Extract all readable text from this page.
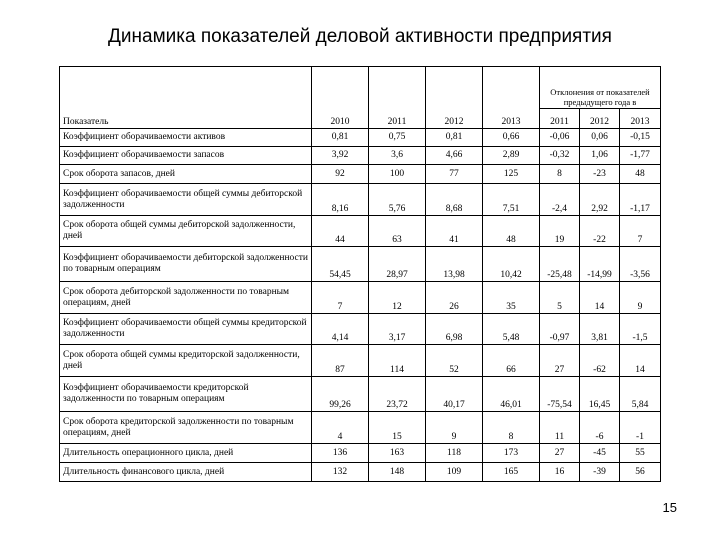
Динамика показателей деловой активности предприятия
Показатель	2010	2011	2012	2013	Отклонения от показателей предыдущего года в		
					2011	2012	2013
Коэффициент оборачиваемости активов	0,81	0,75	0,81	0,66	-0,06	0,06	-0,15
Коэффициент оборачиваемости запасов	3,92	3,6	4,66	2,89	-0,32	1,06	-1,77
Срок оборота запасов, дней	92	100	77	125	8	-23	48
Коэффициент оборачиваемости общей суммы дебиторской задолженности	8,16	5,76	8,68	7,51	-2,4	2,92	-1,17
Срок оборота общей суммы дебиторской задолженности, дней	44	63	41	48	19	-22	7
Коэффициент оборачиваемости дебиторской задолженности по товарным операциям	54,45	28,97	13,98	10,42	-25,48	-14,99	-3,56
Срок оборота дебиторской задолженности по товарным операциям, дней	7	12	26	35	5	14	9
Коэффициент оборачиваемости общей суммы кредиторской задолженности	4,14	3,17	6,98	5,48	-0,97	3,81	-1,5
Срок оборота общей суммы кредиторской задолженности, дней	87	114	52	66	27	-62	14
Коэффициент оборачиваемости кредиторской задолженности по товарным операциям	99,26	23,72	40,17	46,01	-75,54	16,45	5,84
Срок оборота кредиторской задолженности по товарным операциям, дней	4	15	9	8	11	-6	-1
Длительность операционного цикла, дней	136	163	118	173	27	-45	55
Длительность финансового цикла, дней	132	148	109	165	16	-39	56
15
